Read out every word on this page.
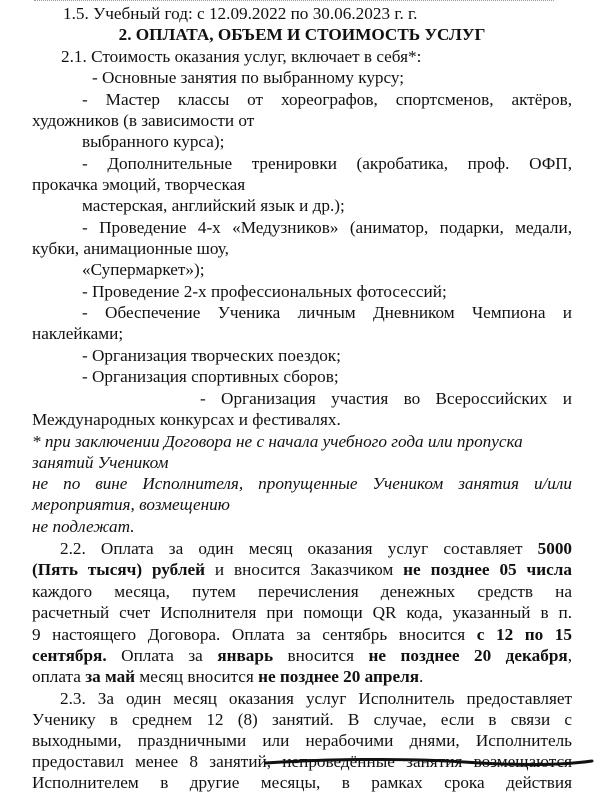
1.5. Учебный год: с 12.09.2022 по 30.06.2023 г. г.
2. ОПЛАТА, ОБЪЕМ И СТОИМОСТЬ УСЛУГ
2.1. Стоимость оказания услуг, включает в себя*:
- Основные занятия по выбранному курсу;
- Мастер классы от хореографов, спортсменов, актёров,
художников (в зависимости от
выбранного курса);
- Дополнительные тренировки (акробатика, проф. ОФП,
прокачка эмоций, творческая
мастерская, английский язык и др.);
- Проведение 4-х «Медузников» (аниматор, подарки, медали,
кубки, анимационные шоу,
«Супермаркет»);
- Проведение 2-х профессиональных фотосессий;
- Обеспечение Ученика личным Дневником Чемпиона и
наклейками;
- Организация творческих поездок;
- Организация спортивных сборов;
- Организация участия во Всероссийских и
Международных конкурсах и фестивалях.
* при заключении Договора не с начала учебного года или пропуска
занятий Учеником
не по вине Исполнителя, пропущенные Учеником занятия и/или
мероприятия, возмещению
не подлежат.
2.2. Оплата за один месяц оказания услуг составляет 5000
(Пять тысяч) рублей и вносится Заказчиком не позднее 05 числа
каждого месяца, путем перечисления денежных средств на
расчетный счет Исполнителя при помощи QR кода, указанный в п.
9 настоящего Договора. Оплата за сентябрь вносится с 12 по 15
сентября. Оплата за январь вносится не позднее 20 декабря,
оплата за май месяц вносится не позднее 20 апреля.
2.3. За один месяц оказания услуг Исполнитель предоставляет
Ученику в среднем 12 (8) занятий. В случае, если в связи с
выходными, праздничными или нерабочими днями, Исполнитель
предоставил менее 8 занятий, непроведённые занятия возмещаются
Исполнителем в другие месяцы, в рамках срока действия
